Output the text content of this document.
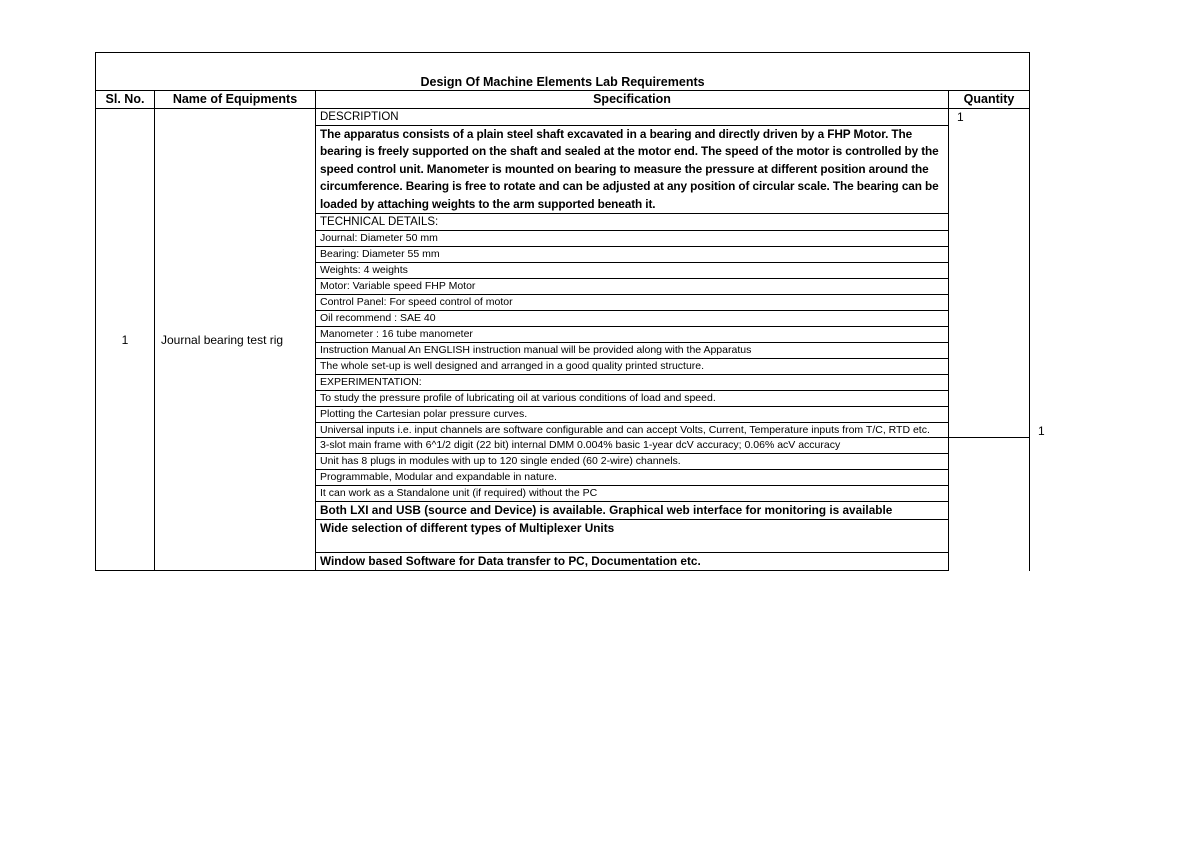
Design Of Machine Elements Lab Requirements				
Sl. No.	Name of Equipments	Specification	Quantity	
1	Journal bearing test rig	DESCRIPTION	1	
		The apparatus consists of a plain steel shaft excavated in a bearing and directly driven by a FHP Motor. The bearing is freely supported on the shaft and sealed at the motor end. The speed of the motor is controlled by the speed control unit. Manometer is mounted on bearing to measure the pressure at different position around the circumference. Bearing is free to rotate and can be adjusted at any position of circular scale. The bearing can be loaded by attaching weights to the arm supported beneath it.		
		TECHNICAL DETAILS:		
		Journal: Diameter 50 mm		
		Bearing: Diameter 55 mm		
		Weights: 4 weights		
		Motor: Variable speed FHP Motor		
		Control Panel: For speed control of motor		
		Oil recommend : SAE 40		
		Manometer : 16 tube manometer		
		Instruction Manual An ENGLISH instruction manual will be provided along with the Apparatus		
		The whole set-up is well designed and arranged in a good quality printed structure.		
		EXPERIMENTATION:		
		To study the pressure profile of lubricating oil at various conditions of load and speed.		
		Plotting the Cartesian polar pressure curves.		
		Universal inputs i.e. input channels are software configurable and can accept Volts, Current, Temperature inputs from T/C, RTD etc.		1
		3-slot main frame with 6^1/2 digit (22 bit) internal DMM 0.004% basic 1-year dcV accuracy; 0.06% acV accuracy		
		Unit has 8 plugs in modules with up to 120 single ended (60 2-wire) channels.		
		Programmable, Modular and expandable in nature.		
		It can work as a Standalone unit (if required) without the PC		
		Both LXI and USB (source and Device) is available. Graphical web interface for monitoring is available		
		Wide selection of different types of Multiplexer Units		
		Window based Software for Data transfer to PC, Documentation etc.		
